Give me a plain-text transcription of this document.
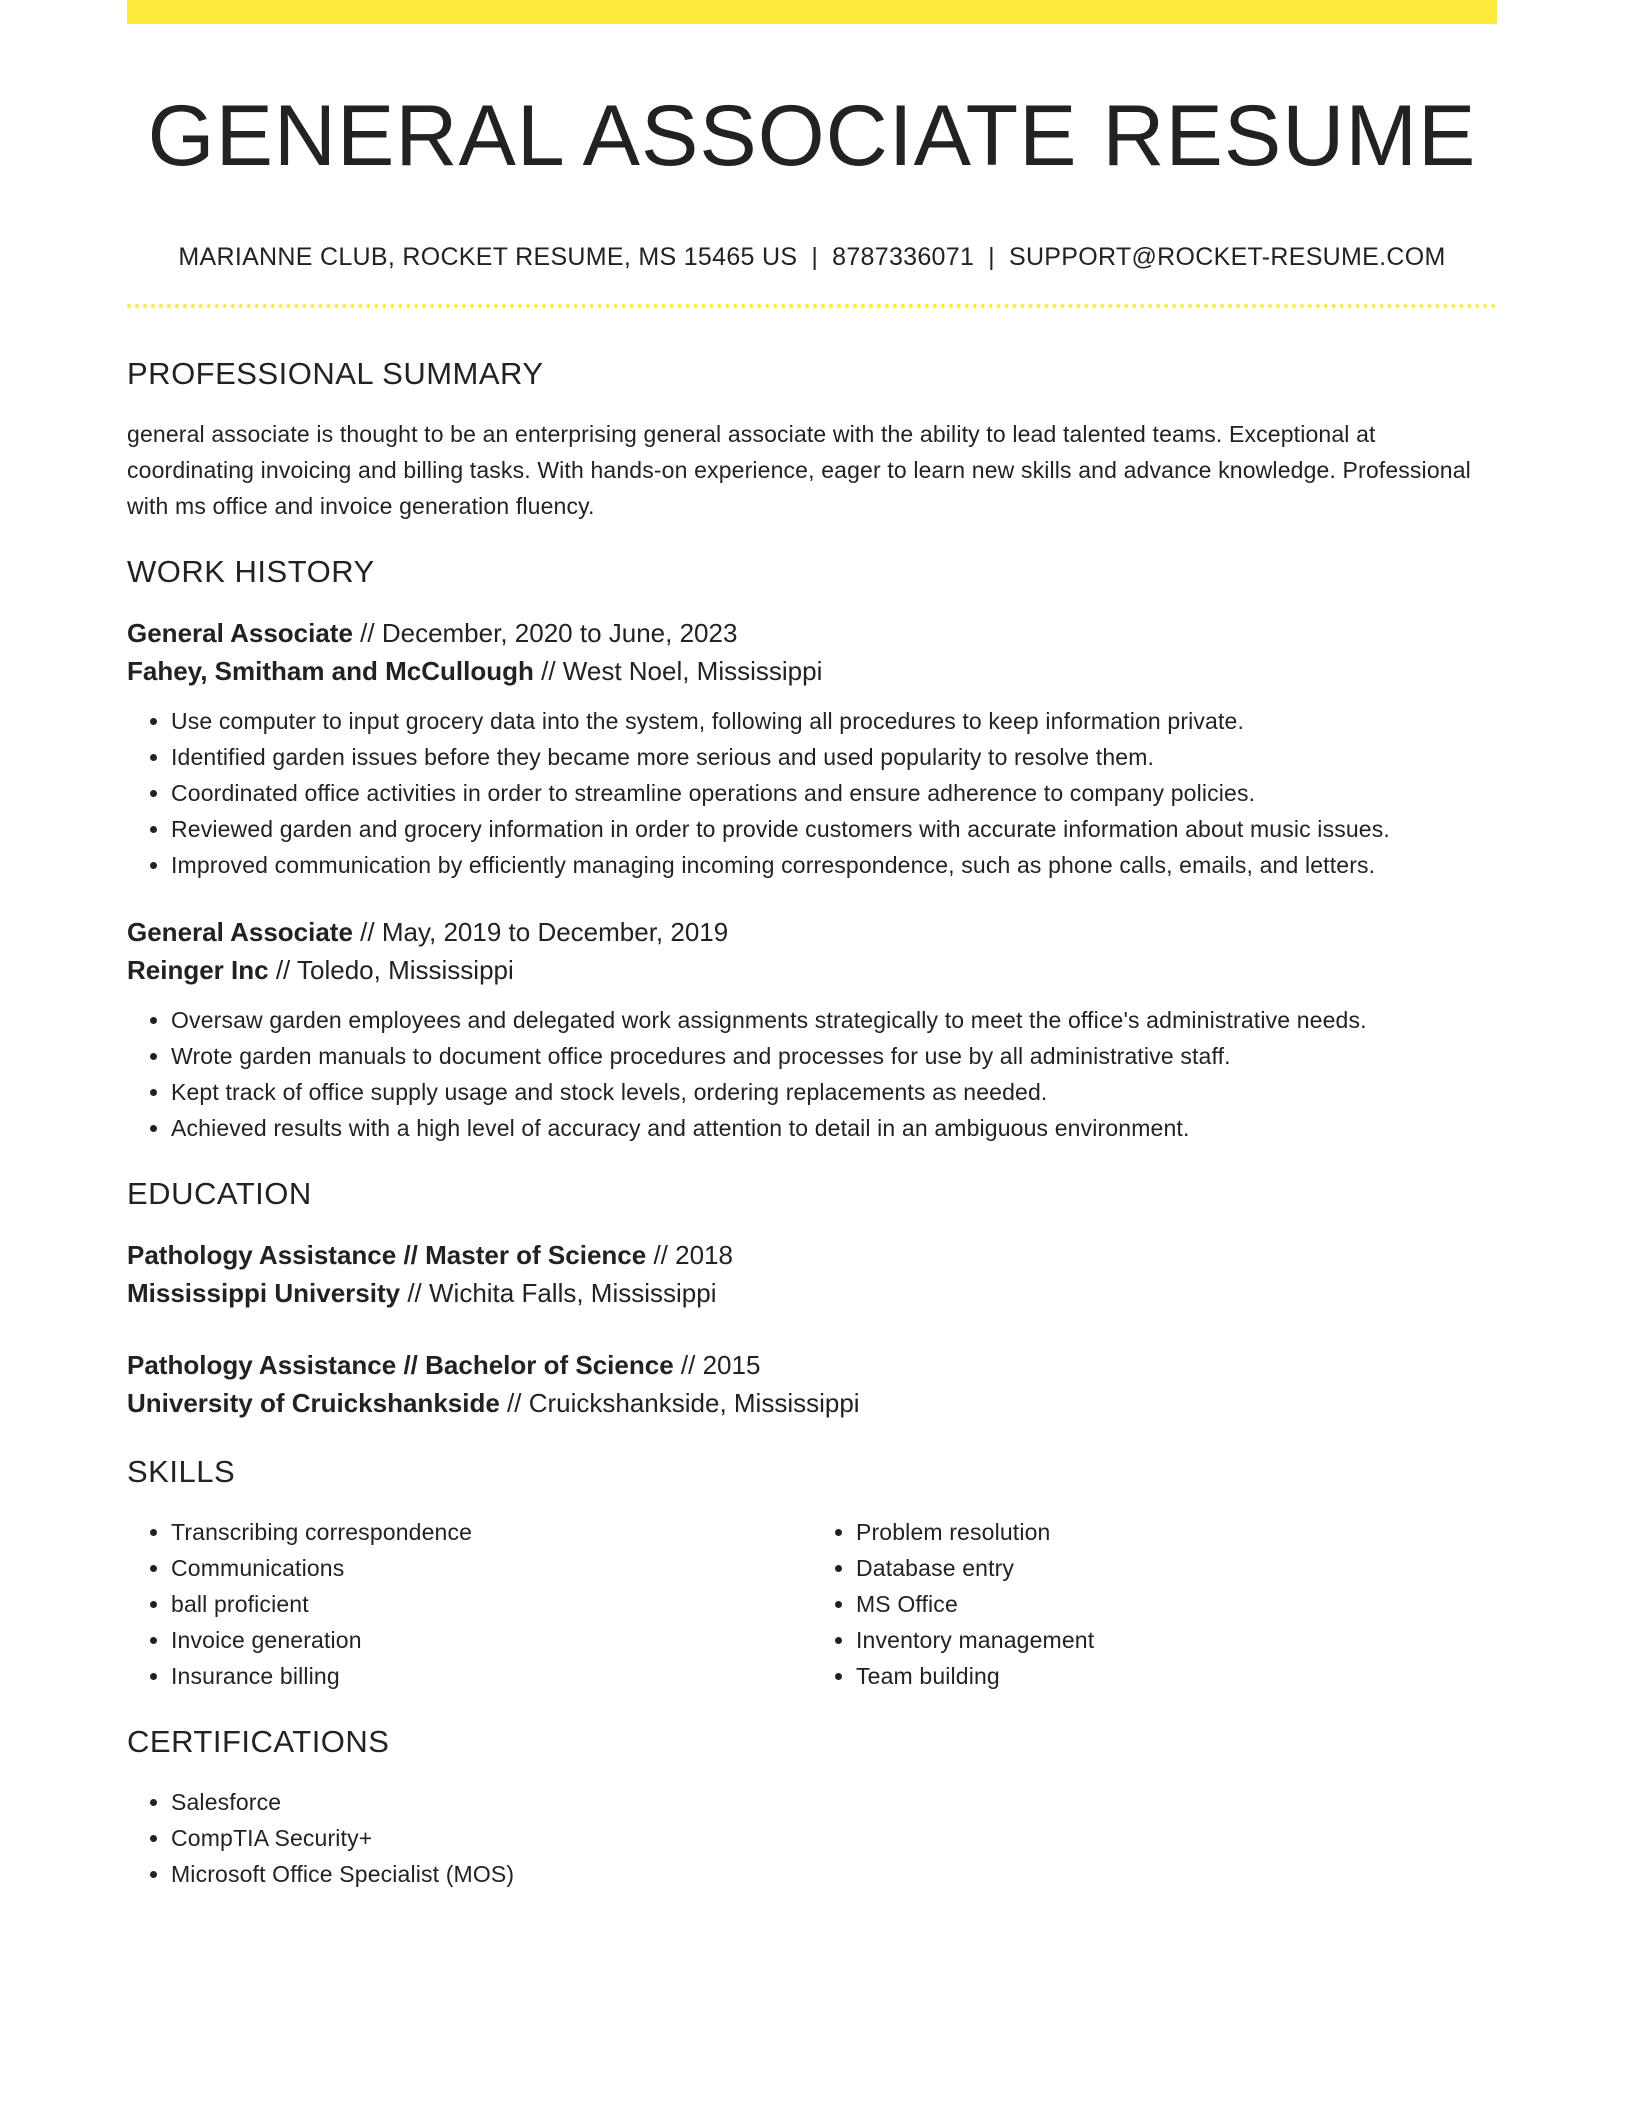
GENERAL ASSOCIATE RESUME
MARIANNE CLUB, ROCKET RESUME, MS 15465 US | 8787336071 | SUPPORT@ROCKET-RESUME.COM
PROFESSIONAL SUMMARY
general associate is thought to be an enterprising general associate with the ability to lead talented teams. Exceptional at coordinating invoicing and billing tasks. With hands-on experience, eager to learn new skills and advance knowledge. Professional with ms office and invoice generation fluency.
WORK HISTORY
General Associate // December, 2020 to June, 2023
Fahey, Smitham and McCullough // West Noel, Mississippi
• Use computer to input grocery data into the system, following all procedures to keep information private.
• Identified garden issues before they became more serious and used popularity to resolve them.
• Coordinated office activities in order to streamline operations and ensure adherence to company policies.
• Reviewed garden and grocery information in order to provide customers with accurate information about music issues.
• Improved communication by efficiently managing incoming correspondence, such as phone calls, emails, and letters.
General Associate // May, 2019 to December, 2019
Reinger Inc // Toledo, Mississippi
• Oversaw garden employees and delegated work assignments strategically to meet the office's administrative needs.
• Wrote garden manuals to document office procedures and processes for use by all administrative staff.
• Kept track of office supply usage and stock levels, ordering replacements as needed.
• Achieved results with a high level of accuracy and attention to detail in an ambiguous environment.
EDUCATION
Pathology Assistance // Master of Science // 2018
Mississippi University // Wichita Falls, Mississippi
Pathology Assistance // Bachelor of Science // 2015
University of Cruickshankside // Cruickshankside, Mississippi
SKILLS
• Transcribing correspondence
• Communications
• ball proficient
• Invoice generation
• Insurance billing
• Problem resolution
• Database entry
• MS Office
• Inventory management
• Team building
CERTIFICATIONS
• Salesforce
• CompTIA Security+
• Microsoft Office Specialist (MOS)
